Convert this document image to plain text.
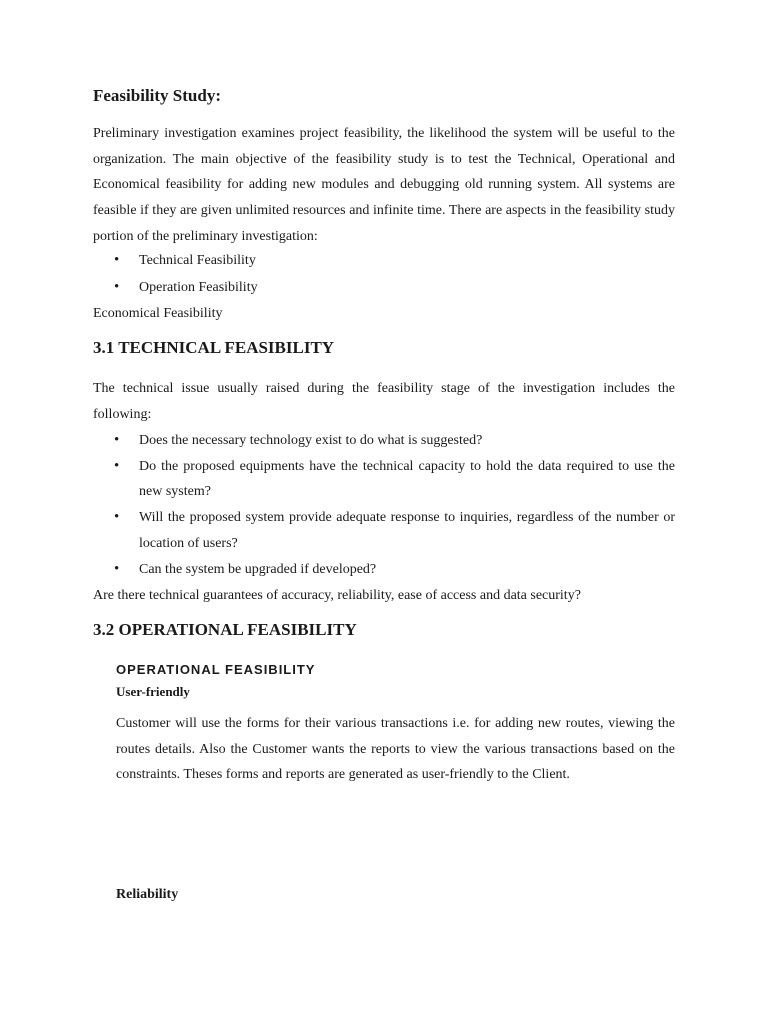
Feasibility Study:

Preliminary investigation examines project feasibility, the likelihood the system will be useful to the organization. The main objective of the feasibility study is to test the Technical, Operational and Economical feasibility for adding new modules and debugging old running system. All systems are feasible if they are given unlimited resources and infinite time. There are aspects in the feasibility study portion of the preliminary investigation:

• Technical Feasibility
• Operation Feasibility

Economical Feasibility

3.1 TECHNICAL FEASIBILITY

The technical issue usually raised during the feasibility stage of the investigation includes the following:

• Does the necessary technology exist to do what is suggested?
• Do the proposed equipments have the technical capacity to hold the data required to use the new system?
• Will the proposed system provide adequate response to inquiries, regardless of the number or location of users?
• Can the system be upgraded if developed?

Are there technical guarantees of accuracy, reliability, ease of access and data security?

3.2 OPERATIONAL FEASIBILITY
OPERATIONAL FEASIBILITY
User-friendly

Customer will use the forms for their various transactions i.e. for adding new routes, viewing the routes details. Also the Customer wants the reports to view the various transactions based on the constraints. Theses forms and reports are generated as user-friendly to the Client.

Reliability
